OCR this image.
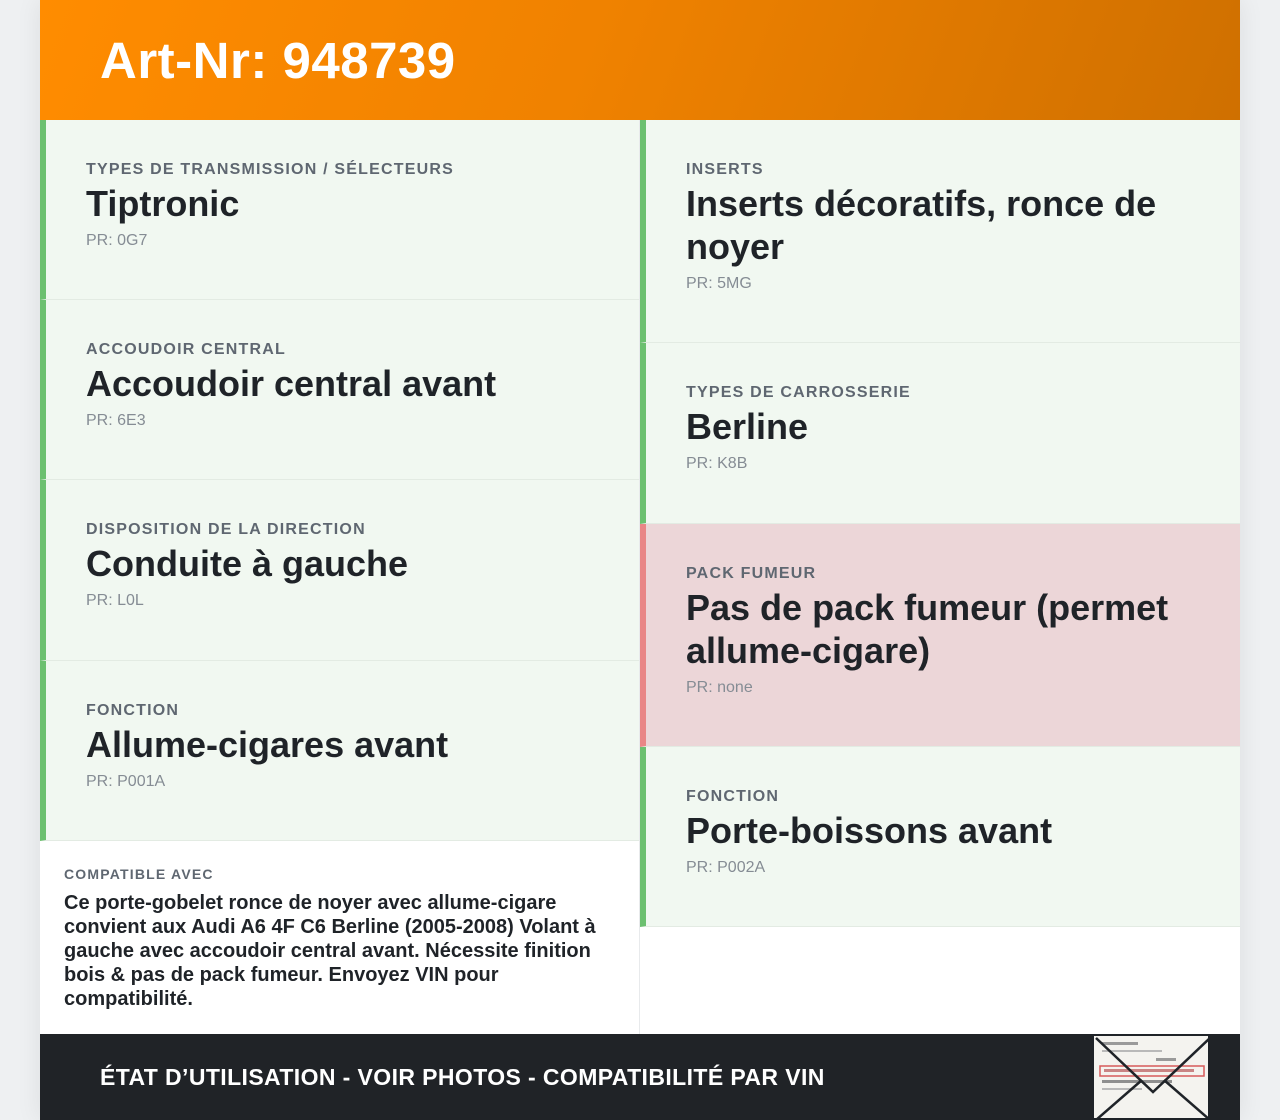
Art-Nr: 948739
TYPES DE TRANSMISSION / SÉLECTEURS
Tiptronic
PR: 0G7
ACCOUDOIR CENTRAL
Accoudoir central avant
PR: 6E3
DISPOSITION DE LA DIRECTION
Conduite à gauche
PR: L0L
FONCTION
Allume-cigares avant
PR: P001A
COMPATIBLE AVEC
Ce porte-gobelet ronce de noyer avec allume-cigare convient aux Audi A6 4F C6 Berline (2005-2008) Volant à gauche avec accoudoir central avant. Nécessite finition bois & pas de pack fumeur. Envoyez VIN pour compatibilité.
INSERTS
Inserts décoratifs, ronce de noyer
PR: 5MG
TYPES DE CARROSSERIE
Berline
PR: K8B
PACK FUMEUR
Pas de pack fumeur (permet allume-cigare)
PR: none
FONCTION
Porte-boissons avant
PR: P002A
ÉTAT D’UTILISATION - VOIR PHOTOS - COMPATIBILITÉ PAR VIN
